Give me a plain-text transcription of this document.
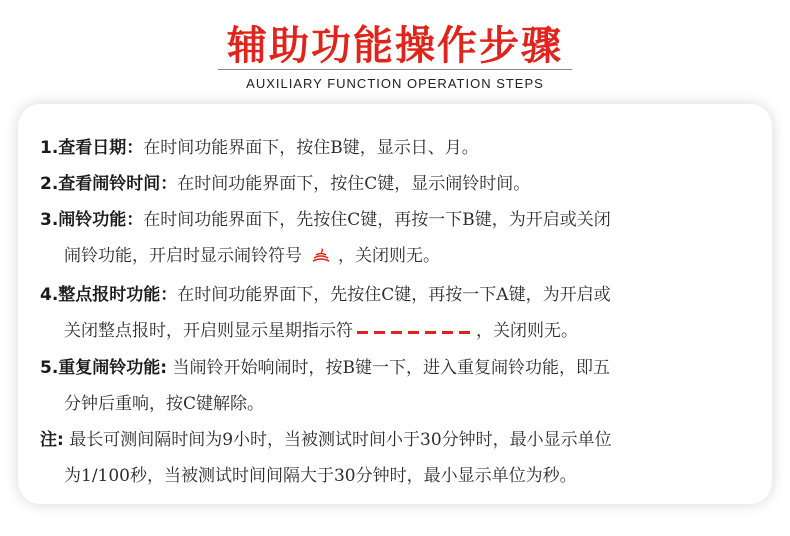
辅助功能操作步骤
AUXILIARY FUNCTION OPERATION STEPS
1.查看日期：在时间功能界面下，按住B键，显示日、月。
2.查看闹铃时间：在时间功能界面下，按住C键，显示闹铃时间。
3.闹铃功能：在时间功能界面下，先按住C键，再按一下B键，为开启或关闭
闹铃功能，开启时显示闹铃符号 ，关闭则无。
4.整点报时功能：在时间功能界面下，先按住C键，再按一下A键，为开启或
关闭整点报时，开启则显示星期指示符	，关闭则无。
5.重复闹铃功能: 当闹铃开始响闹时，按B键一下，进入重复闹铃功能，即五
分钟后重响，按C键解除。
注: 最长可测间隔时间为9小时，当被测试时间小于30分钟时，最小显示单位
为1/100秒，当被测试时间间隔大于30分钟时，最小显示单位为秒。
